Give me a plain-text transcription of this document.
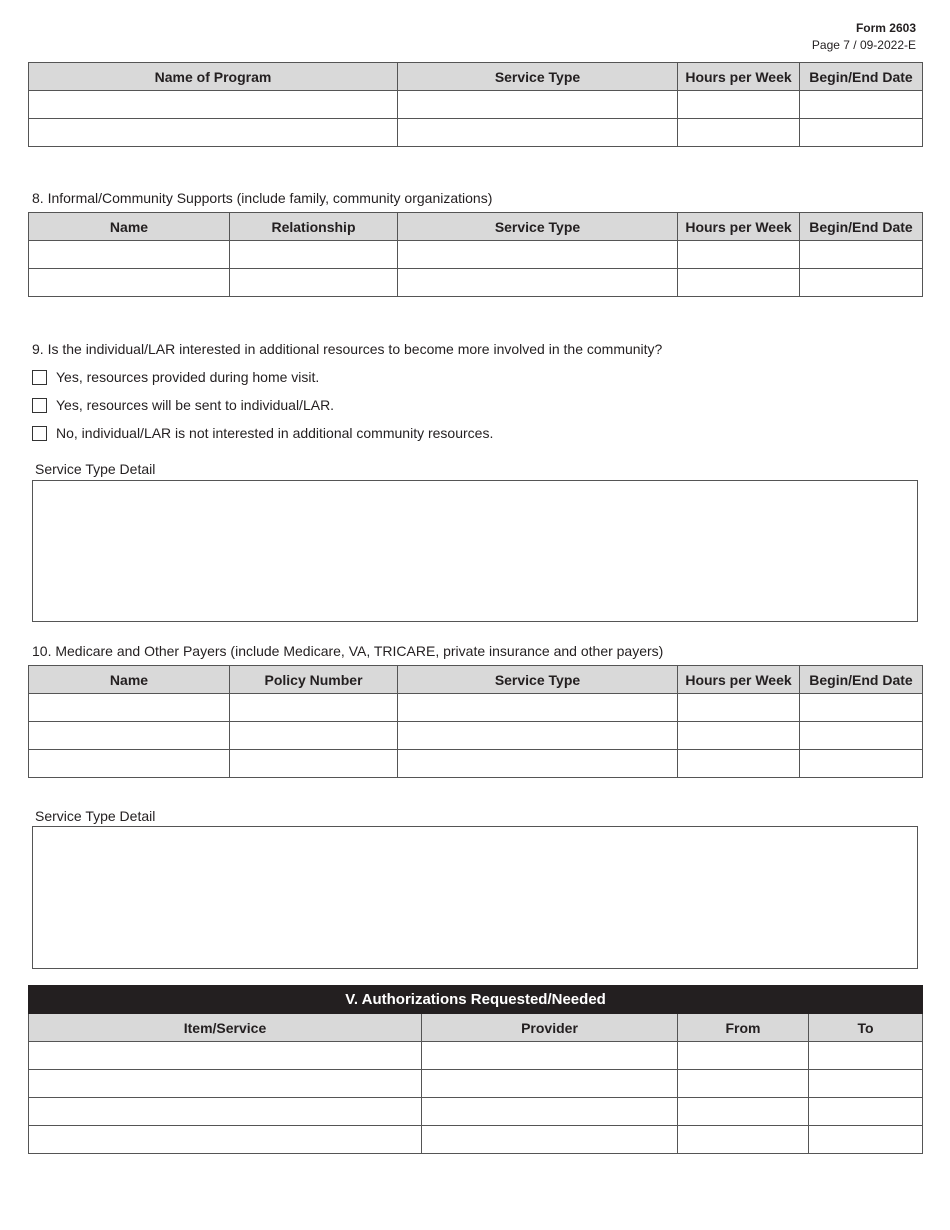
Form 2603
Page 7 / 09-2022-E
Name of Program	Service Type	Hours per Week	Begin/End Date

8. Informal/Community Supports (include family, community organizations)
Name	Relationship	Service Type	Hours per Week	Begin/End Date

9. Is the individual/LAR interested in additional resources to become more involved in the community?
Yes, resources provided during home visit.
Yes, resources will be sent to individual/LAR.
No, individual/LAR is not interested in additional community resources.
Service Type Detail
10. Medicare and Other Payers (include Medicare, VA, TRICARE, private insurance and other payers)
Name	Policy Number	Service Type	Hours per Week	Begin/End Date

Service Type Detail
V. Authorizations Requested/Needed			
Item/Service	Provider	From	To
